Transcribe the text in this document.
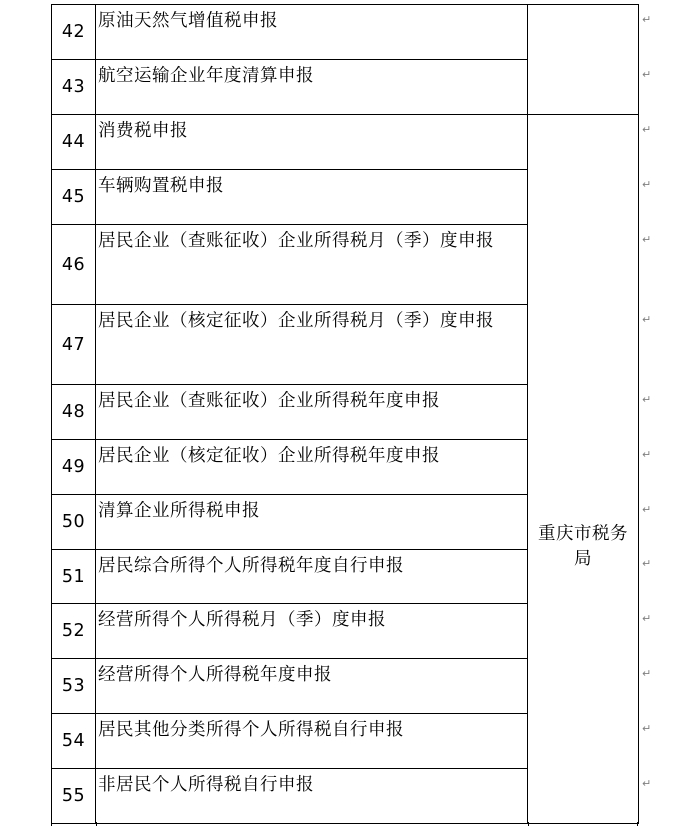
42	原油天然气增值税申报	
43	航空运输企业年度清算申报	
44	消费税申报	重庆市税务局

45	车辆购置税申报	
46	居民企业（查账征收）企业所得税月（季）度申报	
47	居民企业（核定征收）企业所得税月（季）度申报	
48	居民企业（查账征收）企业所得税年度申报	
49	居民企业（核定征收）企业所得税年度申报	
50	清算企业所得税申报	
51	居民综合所得个人所得税年度自行申报	
52	经营所得个人所得税月（季）度申报	
53	经营所得个人所得税年度申报	
54	居民其他分类所得个人所得税自行申报	
55	非居民个人所得税自行申报	
↵
↵
↵
↵
↵
↵
↵
↵
↵
↵
↵
↵
↵
↵
